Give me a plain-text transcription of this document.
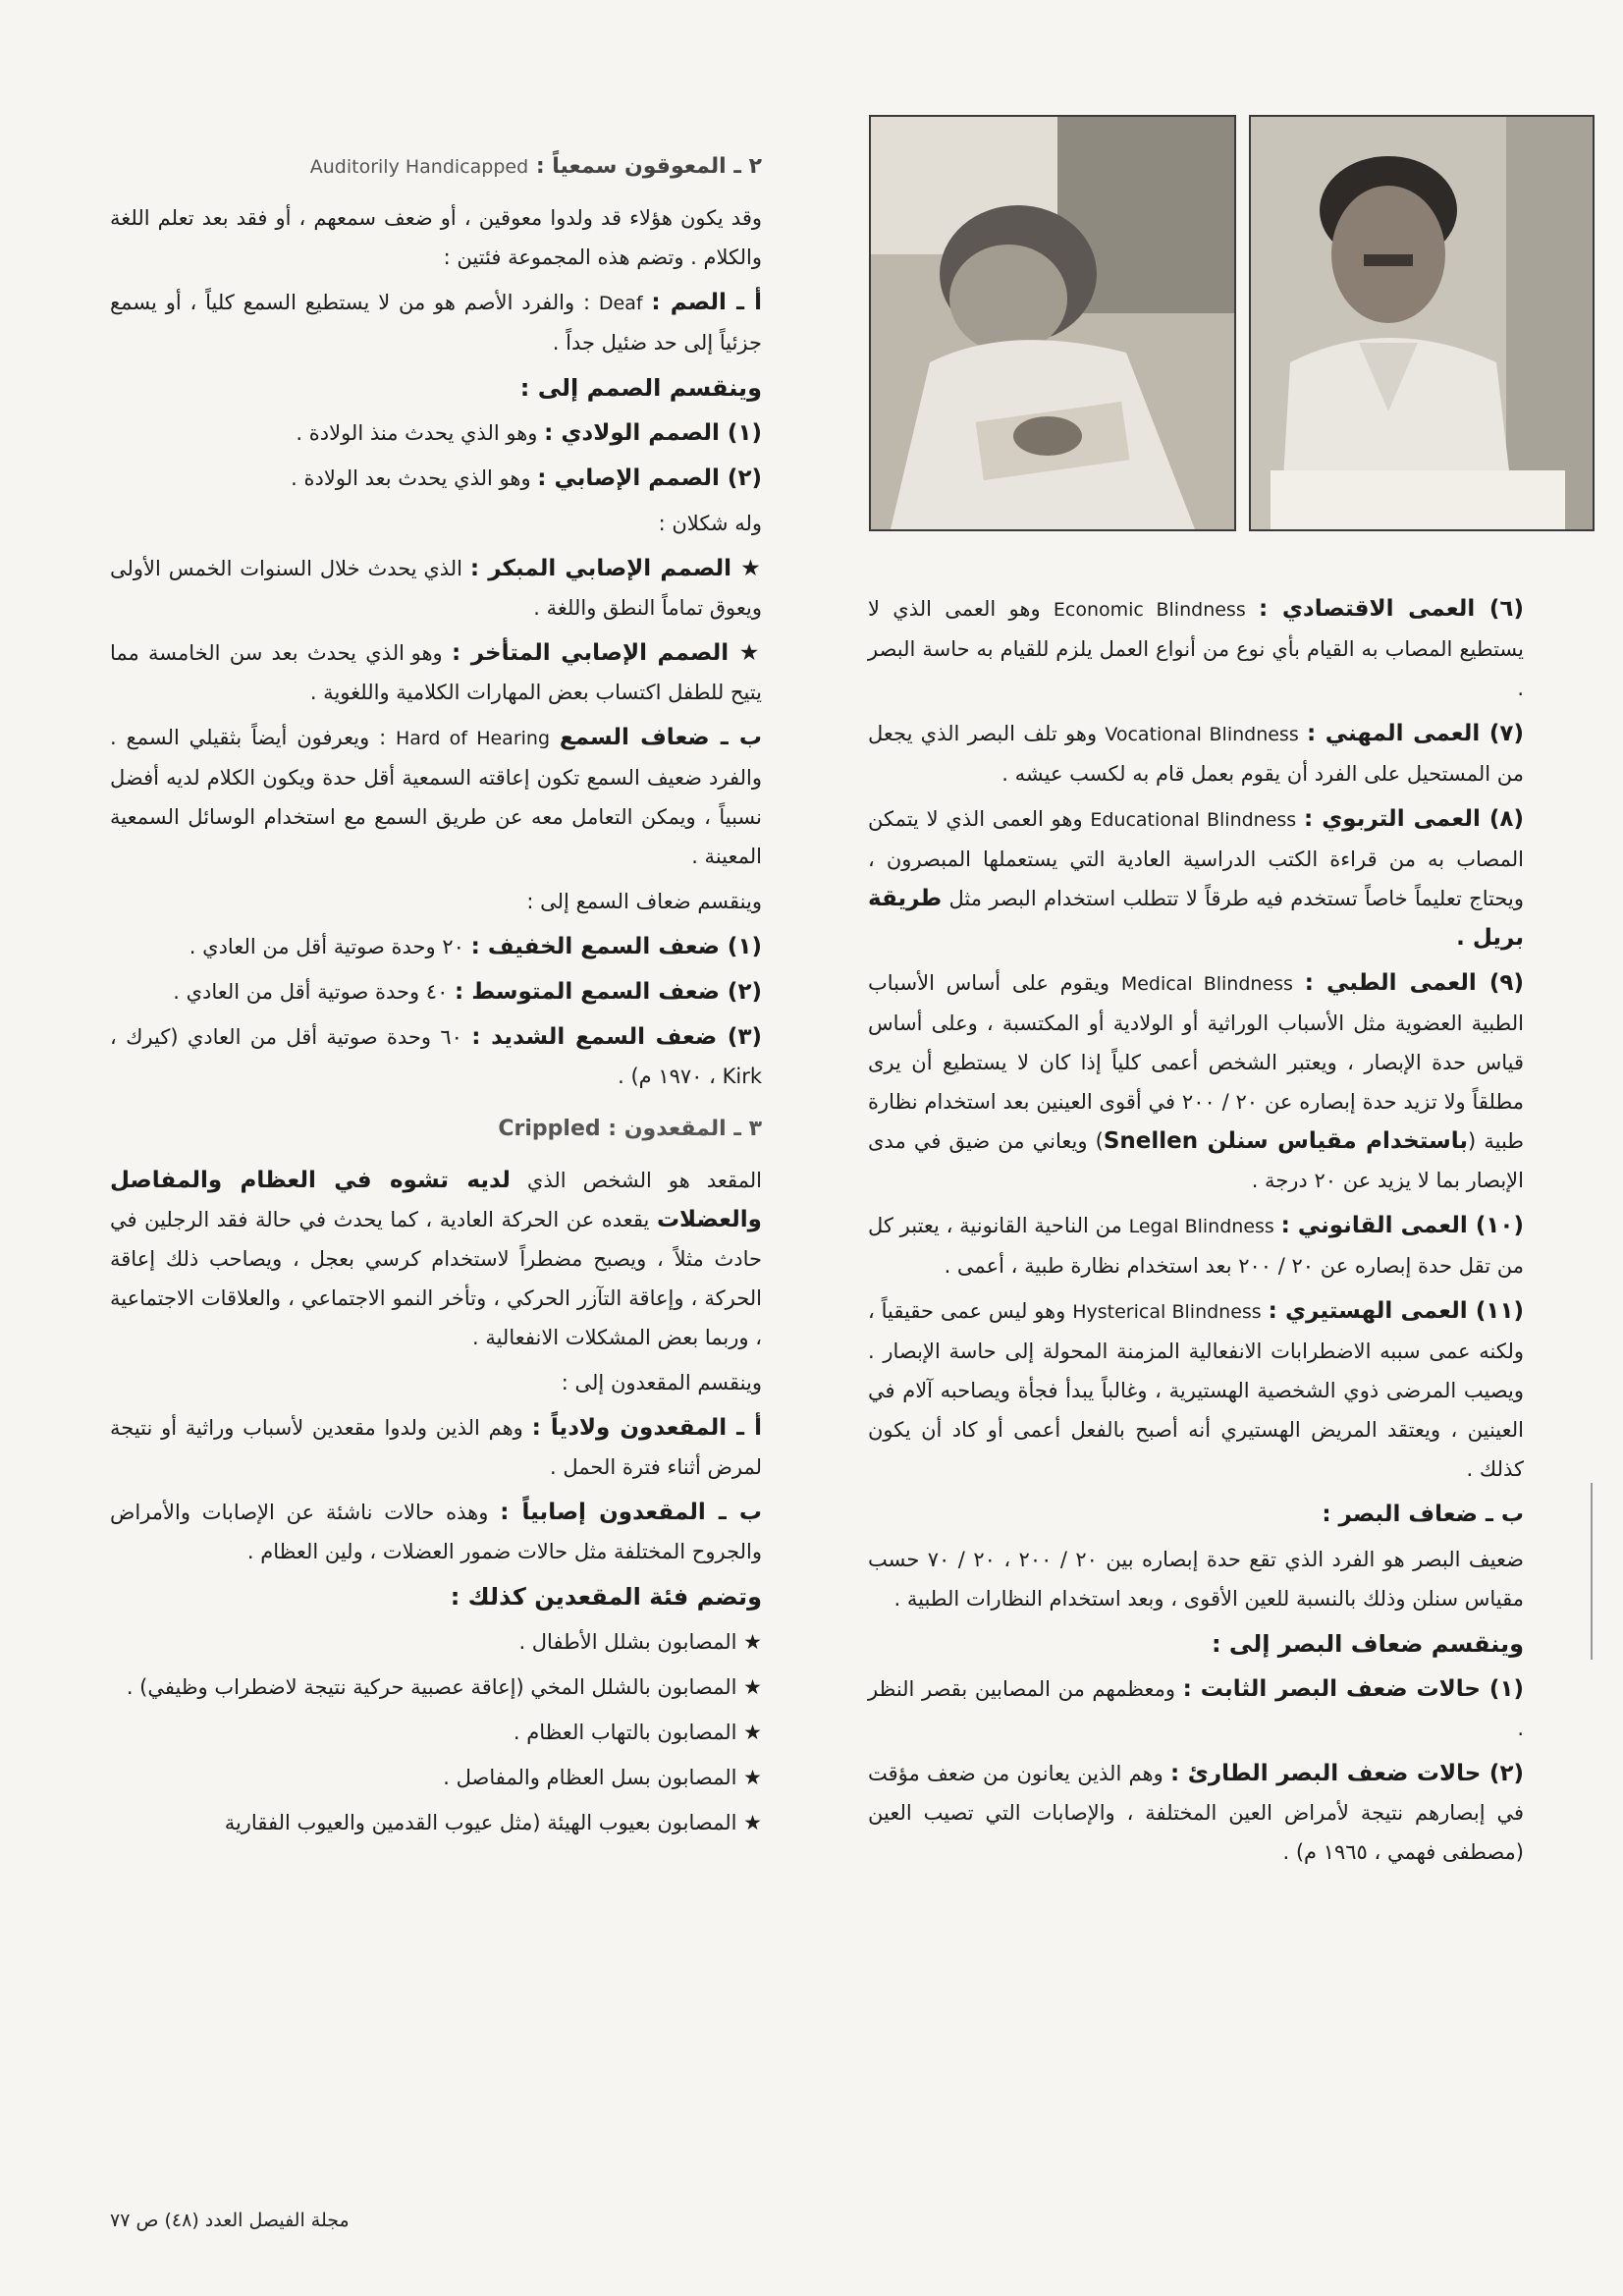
٢ ـ المعوقون سمعياً : Auditorily Handicapped

وقد يكون هؤلاء قد ولدوا معوقين ، أو ضعف سمعهم ، أو فقد بعد تعلم اللغة والكلام . وتضم هذه المجموعة فئتين :

أ ـ الصم : Deaf : والفرد الأصم هو من لا يستطيع السمع كلياً ، أو يسمع جزئياً إلى حد ضئيل جداً .

وينقسم الصمم إلى :

(١) الصمم الولادي : وهو الذي يحدث منذ الولادة .

(٢) الصمم الإصابي : وهو الذي يحدث بعد الولادة .

وله شكلان :

★ الصمم الإصابي المبكر : الذي يحدث خلال السنوات الخمس الأولى ويعوق تماماً النطق واللغة .

★ الصمم الإصابي المتأخر : وهو الذي يحدث بعد سن الخامسة مما يتيح للطفل اكتساب بعض المهارات الكلامية واللغوية .

ب ـ ضعاف السمع Hard of Hearing : ويعرفون أيضاً بثقيلي السمع . والفرد ضعيف السمع تكون إعاقته السمعية أقل حدة ويكون الكلام لديه أفضل نسبياً ، ويمكن التعامل معه عن طريق السمع مع استخدام الوسائل السمعية المعينة .

وينقسم ضعاف السمع إلى :

(١) ضعف السمع الخفيف : ٢٠ وحدة صوتية أقل من العادي .

(٢) ضعف السمع المتوسط : ٤٠ وحدة صوتية أقل من العادي .

(٣) ضعف السمع الشديد : ٦٠ وحدة صوتية أقل من العادي (كيرك ، Kirk ، ١٩٧٠ م) .

٣ ـ المقعدون : Crippled

المقعد هو الشخص الذي لديه تشوه في العظام والمفاصل والعضلات يقعده عن الحركة العادية ، كما يحدث في حالة فقد الرجلين في حادث مثلاً ، ويصبح مضطراً لاستخدام كرسي بعجل ، ويصاحب ذلك إعاقة الحركة ، وإعاقة التآزر الحركي ، وتأخر النمو الاجتماعي ، والعلاقات الاجتماعية ، وربما بعض المشكلات الانفعالية .

وينقسم المقعدون إلى :

أ ـ المقعدون ولادياً : وهم الذين ولدوا مقعدين لأسباب وراثية أو نتيجة لمرض أثناء فترة الحمل .

ب ـ المقعدون إصابياً : وهذه حالات ناشئة عن الإصابات والأمراض والجروح المختلفة مثل حالات ضمور العضلات ، ولين العظام .

وتضم فئة المقعدين كذلك :

★ المصابون بشلل الأطفال .

★ المصابون بالشلل المخي (إعاقة عصبية حركية نتيجة لاضطراب وظيفي) .

★ المصابون بالتهاب العظام .

★ المصابون بسل العظام والمفاصل .

★ المصابون بعيوب الهيئة (مثل عيوب القدمين والعيوب الفقارية

(٦) العمى الاقتصادي : Economic Blindness وهو العمى الذي لا يستطيع المصاب به القيام بأي نوع من أنواع العمل يلزم للقيام به حاسة البصر .

(٧) العمى المهني : Vocational Blindness وهو تلف البصر الذي يجعل من المستحيل على الفرد أن يقوم بعمل قام به لكسب عيشه .

(٨) العمى التربوي : Educational Blindness وهو العمى الذي لا يتمكن المصاب به من قراءة الكتب الدراسية العادية التي يستعملها المبصرون ، ويحتاج تعليماً خاصاً تستخدم فيه طرقاً لا تتطلب استخدام البصر مثل طريقة بريل .

(٩) العمى الطبي : Medical Blindness ويقوم على أساس الأسباب الطبية العضوية مثل الأسباب الوراثية أو الولادية أو المكتسبة ، وعلى أساس قياس حدة الإبصار ، ويعتبر الشخص أعمى كلياً إذا كان لا يستطيع أن يرى مطلقاً ولا تزيد حدة إبصاره عن ٢٠ / ٢٠٠ في أقوى العينين بعد استخدام نظارة طبية (باستخدام مقياس سنلن Snellen) ويعاني من ضيق في مدى الإبصار بما لا يزيد عن ٢٠ درجة .

(١٠) العمى القانوني : Legal Blindness من الناحية القانونية ، يعتبر كل من تقل حدة إبصاره عن ٢٠ / ٢٠٠ بعد استخدام نظارة طبية ، أعمى .

(١١) العمى الهستيري : Hysterical Blindness وهو ليس عمى حقيقياً ، ولكنه عمى سببه الاضطرابات الانفعالية المزمنة المحولة إلى حاسة الإبصار . ويصيب المرضى ذوي الشخصية الهستيرية ، وغالباً يبدأ فجأة ويصاحبه آلام في العينين ، ويعتقد المريض الهستيري أنه أصبح بالفعل أعمى أو كاد أن يكون كذلك .

ب ـ ضعاف البصر :

ضعيف البصر هو الفرد الذي تقع حدة إبصاره بين ٢٠ / ٢٠٠ ، ٢٠ / ٧٠ حسب مقياس سنلن وذلك بالنسبة للعين الأقوى ، وبعد استخدام النظارات الطبية .

وينقسم ضعاف البصر إلى :

(١) حالات ضعف البصر الثابت : ومعظمهم من المصابين بقصر النظر .

(٢) حالات ضعف البصر الطارئ : وهم الذين يعانون من ضعف مؤقت في إبصارهم نتيجة لأمراض العين المختلفة ، والإصابات التي تصيب العين (مصطفى فهمي ، ١٩٦٥ م) .

مجلة الفيصل العدد (٤٨) ص ٧٧
